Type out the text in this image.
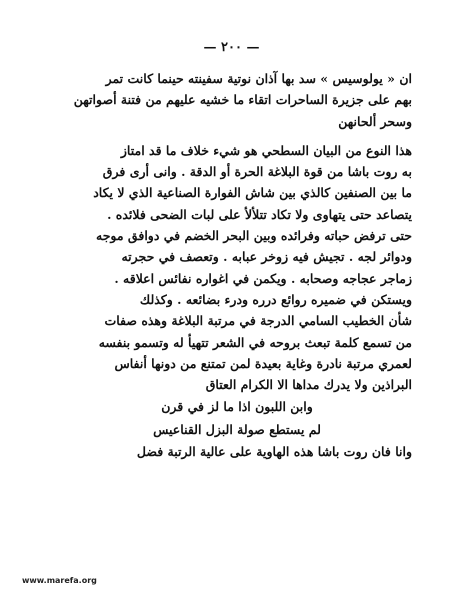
— ٢٠٠ —
ان « يولوسيس » سد بها آذان نوتية سفينته حينما كانت تمر
بهم على جزيرة الساحرات اتقاء ما خشيه عليهم من فتنة أصواتهن
وسحر ألحانهن
هذا النوع من البيان السطحي هو شيء خلاف ما قد امتاز
به روت باشا من قوة البلاغة الحرة أو الدقة . وانى أرى فرق
ما بين الصنفين كالذي بين شاش الفوارة الصناعية الذي لا يكاد
يتصاعد حتى يتهاوى ولا تكاد تتلألأ على لبات الضحى فلائده .
حتى ترفض حباته وفرائده وبين البحر الخضم في دوافق موجه
ودوائر لجه . تجيش فيه زوخر عبابه . وتعصف في حجرته
زماجر عجاجه وصحابه . ويكمن في اغواره نفائس اعلاقه .
ويستكن في ضميره روائع درره ودرء بضائعه . وكذلك
شأن الخطيب السامي الدرجة في مرتبة البلاغة وهذه صفات
من تسمع كلمة تبعث بروحه في الشعر تتهيأ له وتسمو بنفسه
لعمري مرتبة نادرة وغاية بعيدة لمن تمتنع من دونها أنفاس
البراذين ولا يدرك مداها الا الكرام العتاق
وابن اللبون اذا ما لز في قرن
لم يستطع صولة البزل القناعيس
وانا فان روت باشا هذه الهاوية على عالية الرتبة فضل
www.marefa.org
